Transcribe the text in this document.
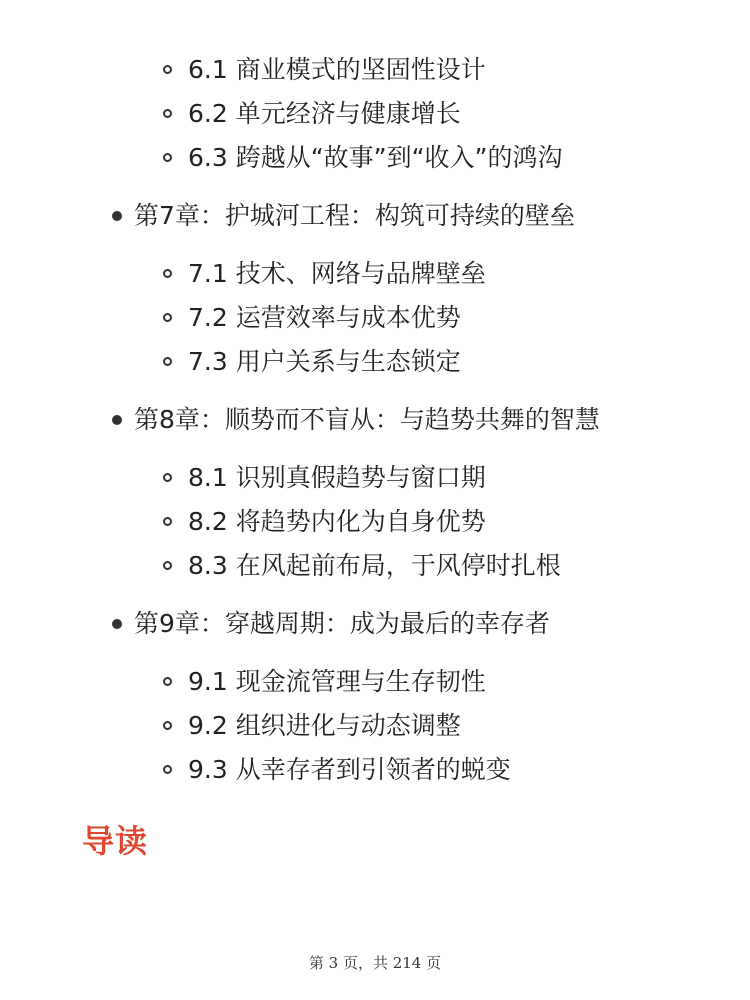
6.1 商业模式的坚固性设计
6.2 单元经济与健康增长
6.3 跨越从“故事”到“收入”的鸿沟
第7章：护城河工程：构筑可持续的壁垒
7.1 技术、网络与品牌壁垒
7.2 运营效率与成本优势
7.3 用户关系与生态锁定
第8章：顺势而不盲从：与趋势共舞的智慧
8.1 识别真假趋势与窗口期
8.2 将趋势内化为自身优势
8.3 在风起前布局，于风停时扎根
第9章：穿越周期：成为最后的幸存者
9.1 现金流管理与生存韧性
9.2 组织进化与动态调整
9.3 从幸存者到引领者的蜕变
导读
第 3 页，共 214 页
